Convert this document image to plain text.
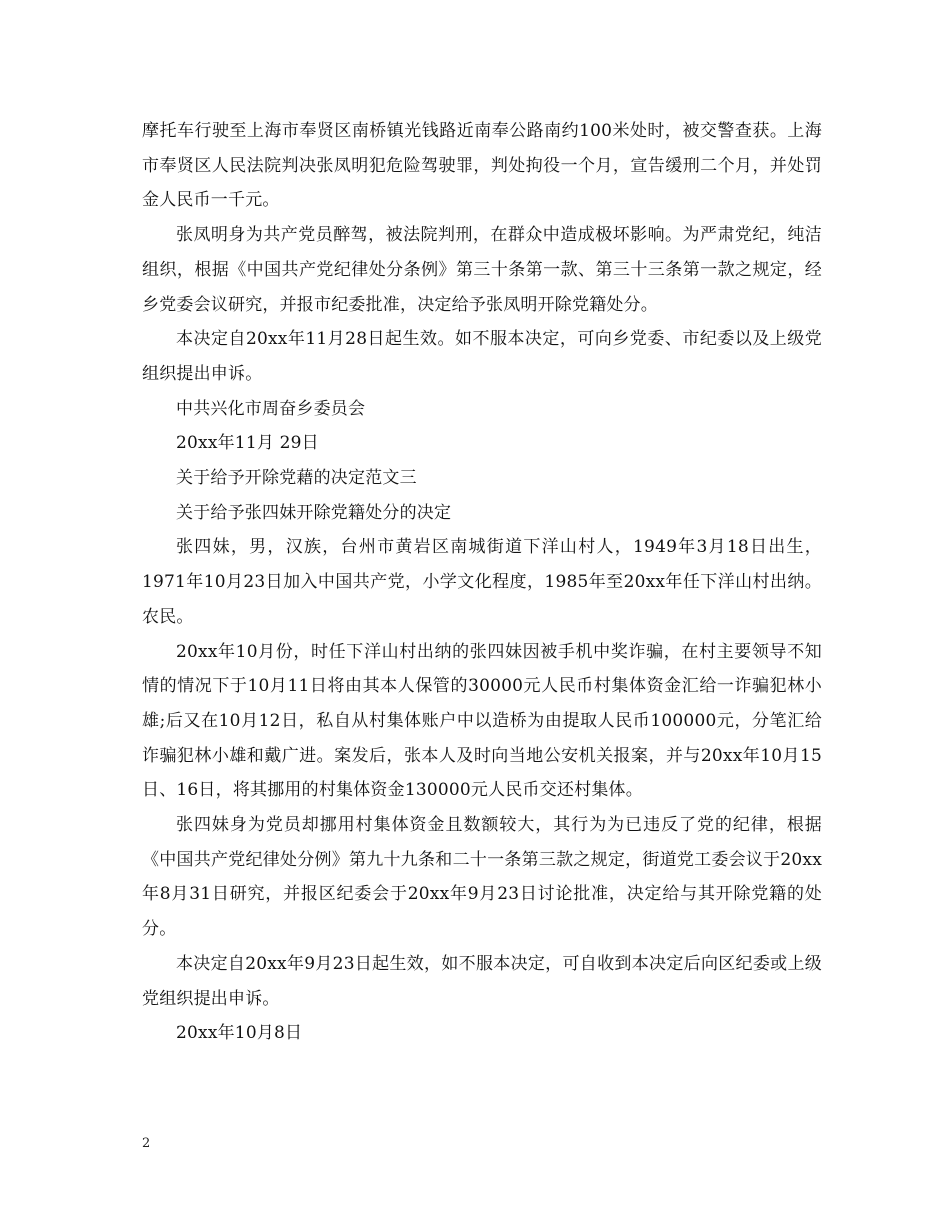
摩托车行驶至上海市奉贤区南桥镇光钱路近南奉公路南约100米处时，被交警查获。上海市奉贤区人民法院判决张凤明犯危险驾驶罪，判处拘役一个月，宣告缓刑二个月，并处罚金人民币一千元。

张凤明身为共产党员醉驾，被法院判刑，在群众中造成极坏影响。为严肃党纪，纯洁组织，根据《中国共产党纪律处分条例》第三十条第一款、第三十三条第一款之规定，经乡党委会议研究，并报市纪委批准，决定给予张凤明开除党籍处分。

本决定自20xx年11月28日起生效。如不服本决定，可向乡党委、市纪委以及上级党组织提出申诉。

中共兴化市周奋乡委员会

20xx年11月 29日

关于给予开除党藉的决定范文三

关于给予张四妹开除党籍处分的决定

张四妹，男，汉族，台州市黄岩区南城街道下洋山村人，1949年3月18日出生，1971年10月23日加入中国共产党，小学文化程度，1985年至20xx年任下洋山村出纳。农民。

20xx年10月份，时任下洋山村出纳的张四妹因被手机中奖诈骗，在村主要领导不知情的情况下于10月11日将由其本人保管的30000元人民币村集体资金汇给一诈骗犯林小雄;后又在10月12日，私自从村集体账户中以造桥为由提取人民币100000元，分笔汇给诈骗犯林小雄和戴广进。案发后，张本人及时向当地公安机关报案，并与20xx年10月15日、16日，将其挪用的村集体资金130000元人民币交还村集体。

张四妹身为党员却挪用村集体资金且数额较大，其行为为已违反了党的纪律，根据《中国共产党纪律处分例》第九十九条和二十一条第三款之规定，街道党工委会议于20xx年8月31日研究，并报区纪委会于20xx年9月23日讨论批准，决定给与其开除党籍的处分。

本决定自20xx年9月23日起生效，如不服本决定，可自收到本决定后向区纪委或上级党组织提出申诉。

20xx年10月8日

2
